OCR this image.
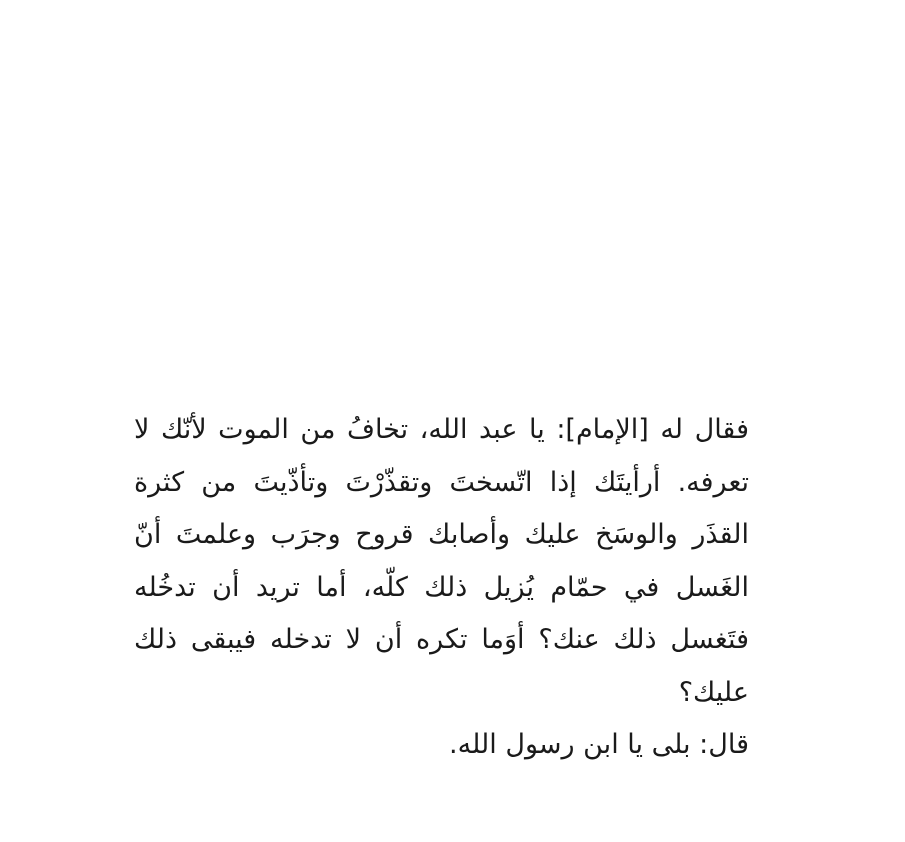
فقال له [الإمام]: يا عبد الله، تخافُ من الموت لأنّك لا تعرفه. أرأيتَك إذا اتّسختَ وتقذّرْتَ وتأذّيتَ من كثرة القذَر والوسَخ عليك وأصابك قروح وجرَب وعلمتَ أنّ الغَسل في حمّام يُزيل ذلك كلّه، أما تريد أن تدخُله فتَغسل ذلك عنك؟ أوَما تكره أن لا تدخله فيبقى ذلك عليك؟

قال: بلى يا ابن رسول الله.
